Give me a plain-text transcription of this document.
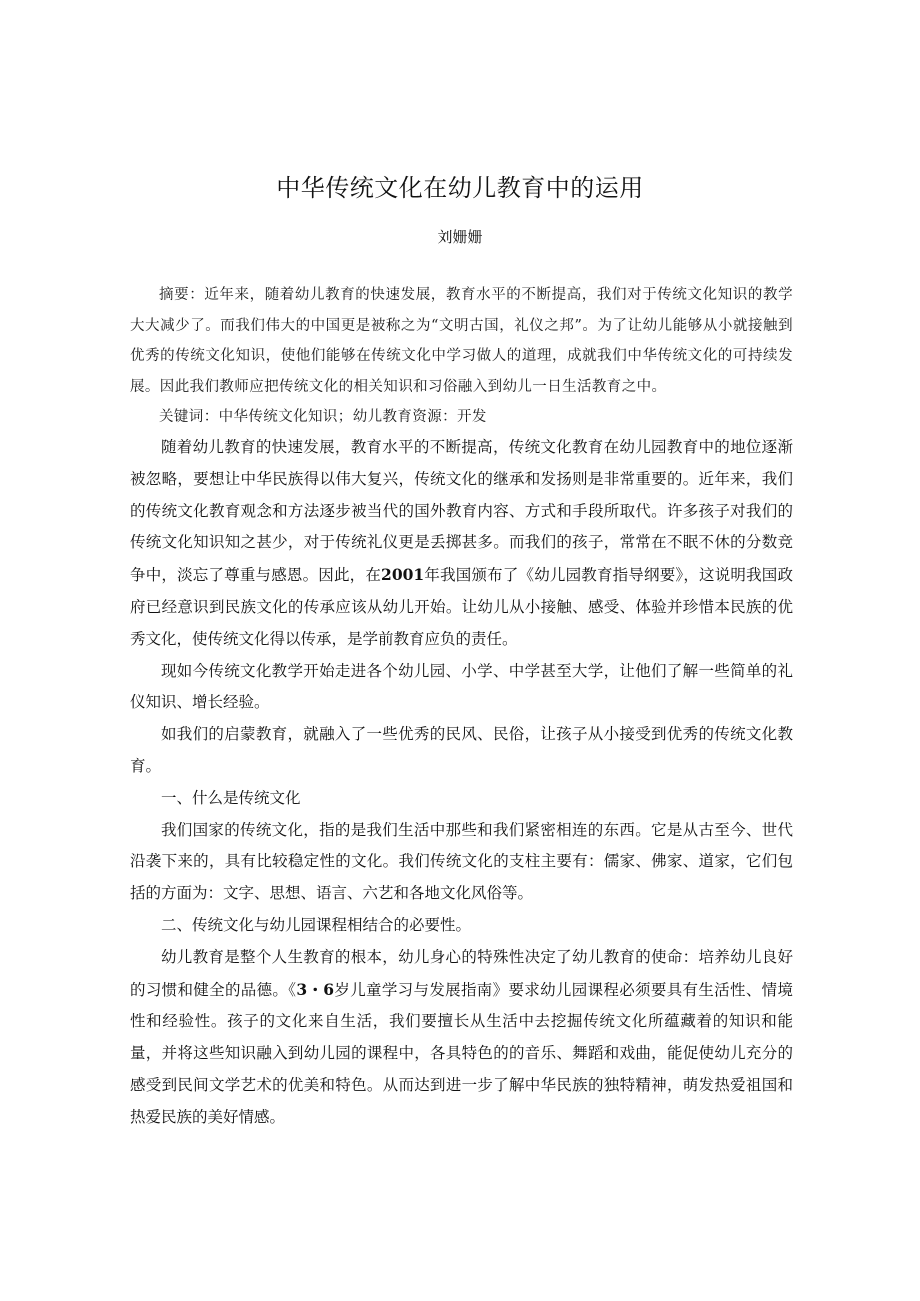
中华传统文化在幼儿教育中的运用

刘姗姗

摘要：近年来，随着幼儿教育的快速发展，教育水平的不断提高，我们对于传统文化知识的教学大大减少了。而我们伟大的中国更是被称之为“文明古国，礼仪之邦”。为了让幼儿能够从小就接触到优秀的传统文化知识，使他们能够在传统文化中学习做人的道理，成就我们中华传统文化的可持续发展。因此我们教师应把传统文化的相关知识和习俗融入到幼儿一日生活教育之中。

关键词：中华传统文化知识；幼儿教育资源：开发

随着幼儿教育的快速发展，教育水平的不断提高，传统文化教育在幼儿园教育中的地位逐渐被忽略，要想让中华民族得以伟大复兴，传统文化的继承和发扬则是非常重要的。近年来，我们的传统文化教育观念和方法逐步被当代的国外教育内容、方式和手段所取代。许多孩子对我们的传统文化知识知之甚少，对于传统礼仪更是丢掷甚多。而我们的孩子，常常在不眠不休的分数竞争中，淡忘了尊重与感恩。因此，在2001年我国颁布了《幼儿园教育指导纲要》，这说明我国政府已经意识到民族文化的传承应该从幼儿开始。让幼儿从小接触、感受、体验并珍惜本民族的优秀文化，使传统文化得以传承，是学前教育应负的责任。

现如今传统文化教学开始走进各个幼儿园、小学、中学甚至大学，让他们了解一些简单的礼仪知识、增长经验。

如我们的启蒙教育，就融入了一些优秀的民风、民俗，让孩子从小接受到优秀的传统文化教育。

一、什么是传统文化

我们国家的传统文化，指的是我们生活中那些和我们紧密相连的东西。它是从古至今、世代沿袭下来的，具有比较稳定性的文化。我们传统文化的支柱主要有：儒家、佛家、道家，它们包括的方面为：文字、思想、语言、六艺和各地文化风俗等。

二、传统文化与幼儿园课程相结合的必要性。

幼儿教育是整个人生教育的根本，幼儿身心的特殊性决定了幼儿教育的使命：培养幼儿良好的习惯和健全的品德。《3・6岁儿童学习与发展指南》要求幼儿园课程必须要具有生活性、情境性和经验性。孩子的文化来自生活，我们要擅长从生活中去挖掘传统文化所蕴藏着的知识和能量，并将这些知识融入到幼儿园的课程中，各具特色的的音乐、舞蹈和戏曲，能促使幼儿充分的感受到民间文学艺术的优美和特色。从而达到进一步了解中华民族的独特精神，萌发热爱祖国和热爱民族的美好情感。
